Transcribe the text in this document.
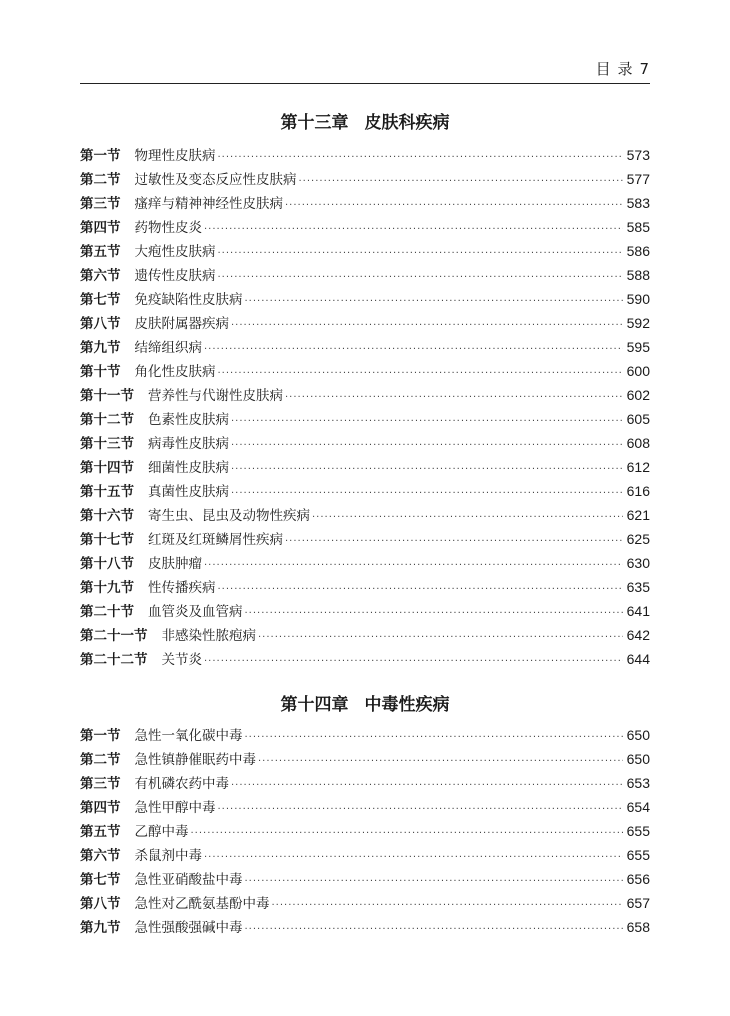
目 录 7
第十三章 皮肤科疾病
第一节 物理性皮肤病 ·····	573
第二节 过敏性及变态反应性皮肤病 ·····	577
第三节 瘙痒与精神神经性皮肤病 ·····	583
第四节 药物性皮炎 ·····	585
第五节 大疱性皮肤病 ·····	586
第六节 遗传性皮肤病 ·····	588
第七节 免疫缺陷性皮肤病 ·····	590
第八节 皮肤附属器疾病 ·····	592
第九节 结缔组织病 ·····	595
第十节 角化性皮肤病 ·····	600
第十一节 营养性与代谢性皮肤病 ·····	602
第十二节 色素性皮肤病 ·····	605
第十三节 病毒性皮肤病 ·····	608
第十四节 细菌性皮肤病 ·····	612
第十五节 真菌性皮肤病 ·····	616
第十六节 寄生虫、昆虫及动物性疾病 ·····	621
第十七节 红斑及红斑鳞屑性疾病 ·····	625
第十八节 皮肤肿瘤 ·····	630
第十九节 性传播疾病 ·····	635
第二十节 血管炎及血管病 ·····	641
第二十一节 非感染性脓疱病 ·····	642
第二十二节 关节炎 ·····	644
第十四章 中毒性疾病
第一节 急性一氧化碳中毒 ·····	650
第二节 急性镇静催眠药中毒 ·····	650
第三节 有机磷农药中毒 ·····	653
第四节 急性甲醇中毒 ·····	654
第五节 乙醇中毒 ·····	655
第六节 杀鼠剂中毒 ·····	655
第七节 急性亚硝酸盐中毒 ·····	656
第八节 急性对乙酰氨基酚中毒 ·····	657
第九节 急性强酸强碱中毒 ·····	658
